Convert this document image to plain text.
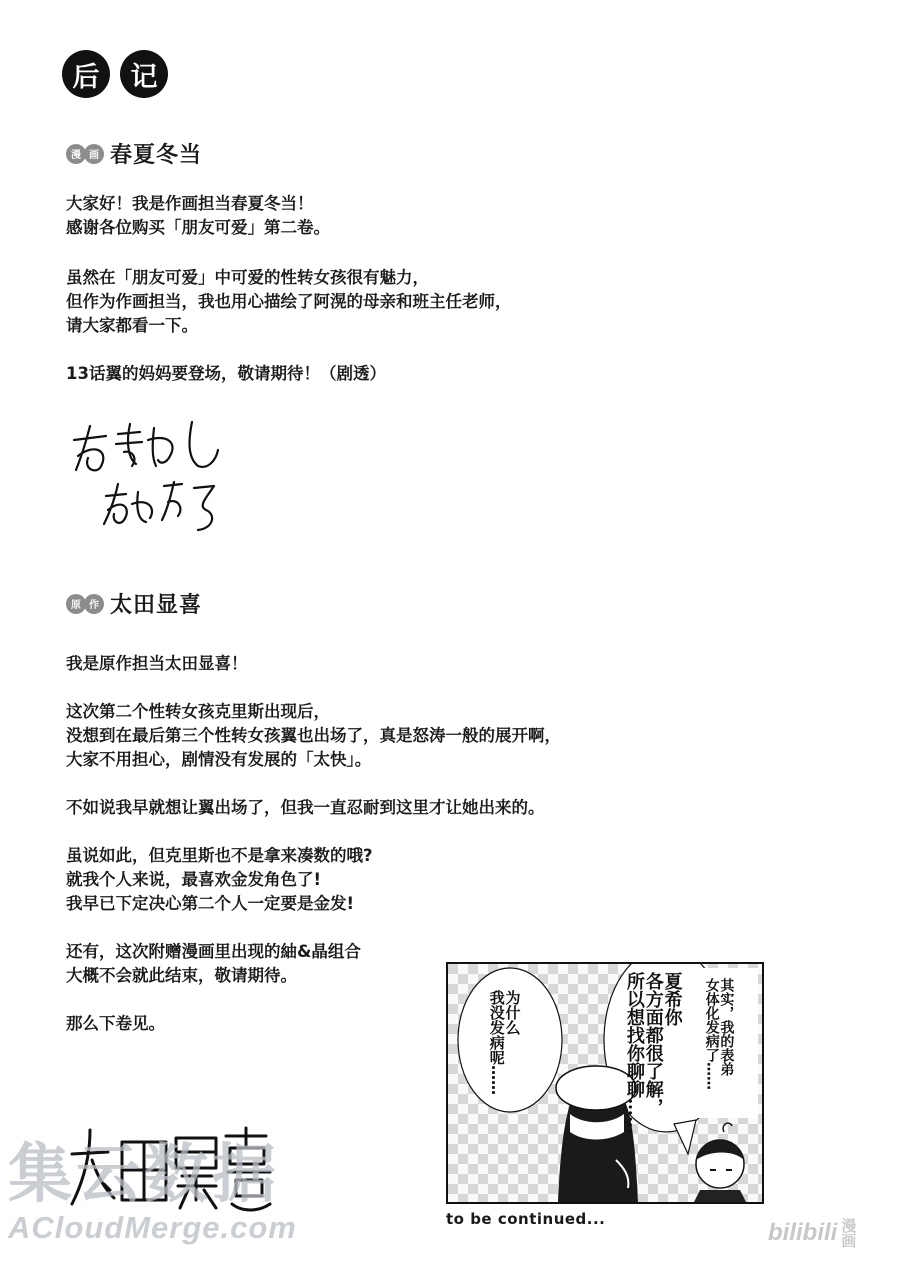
后	记
漫 画 春夏冬当
大家好！我是作画担当春夏冬当！
感谢各位购买「朋友可爱」第二卷。
虽然在「朋友可爱」中可爱的性转女孩很有魅力，
但作为作画担当，我也用心描绘了阿滉的母亲和班主任老师，
请大家都看一下。
13话翼的妈妈要登场，敬请期待！（剧透）
原 作 太田显喜
我是原作担当太田显喜！
这次第二个性转女孩克里斯出现后，
没想到在最后第三个性转女孩翼也出场了，真是怒涛一般的展开啊，
大家不用担心，剧情没有发展的「太快」。
不如说我早就想让翼出场了，但我一直忍耐到这里才让她出来的。
虽说如此，但克里斯也不是拿来凑数的哦?
就我个人来说，最喜欢金发角色了!
我早已下定决心第二个人一定要是金发!
还有，这次附赠漫画里出现的紬&晶组合
大概不会就此结束，敬请期待。
那么下卷见。	为什么
我没发病呢……	夏希你
各方面都很了解，
所以想找你聊聊……	其实，我的表弟
女体化发病了……
to be continued...
集云数据
ACloudMerge.com	bilibili 漫画
